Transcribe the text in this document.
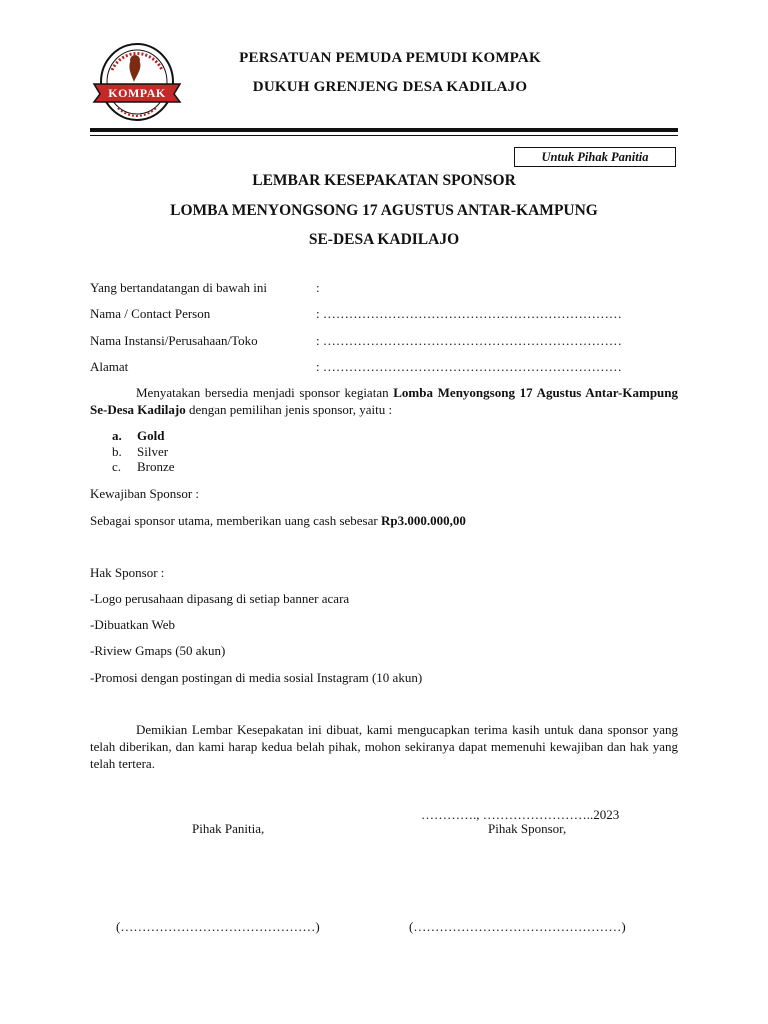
KOMPAK
PERSATUAN PEMUDA PEMUDI KOMPAK
DUKUH GRENJENG DESA KADILAJO
Untuk Pihak Panitia
LEMBAR KESEPAKATAN SPONSOR
LOMBA MENYONGSONG 17 AGUSTUS ANTAR-KAMPUNG
SE-DESA KADILAJO
Yang bertandatangan di bawah ini	:
Nama / Contact Person	: ……………………………………………………………
Nama Instansi/Perusahaan/Toko	: ……………………………………………………………
Alamat	: ……………………………………………………………
Menyatakan bersedia menjadi sponsor kegiatan Lomba Menyongsong 17 Agustus Antar-Kampung Se-Desa Kadilajo dengan pemilihan jenis sponsor, yaitu :
a. Gold
b. Silver
c. Bronze
Kewajiban Sponsor :
Sebagai sponsor utama, memberikan uang cash sebesar Rp3.000.000,00
Hak Sponsor :
-Logo perusahaan dipasang di setiap banner acara
-Dibuatkan Web
-Riview Gmaps (50 akun)
-Promosi dengan postingan di media sosial Instagram (10 akun)
Demikian Lembar Kesepakatan ini dibuat, kami mengucapkan terima kasih untuk dana sponsor yang telah diberikan, dan kami harap kedua belah pihak, mohon sekiranya dapat memenuhi kewajiban dan hak yang telah tertera.
…………., ……………………..2023
Pihak Panitia,	Pihak Sponsor,
(………………………………………)	(…………………………………………)
